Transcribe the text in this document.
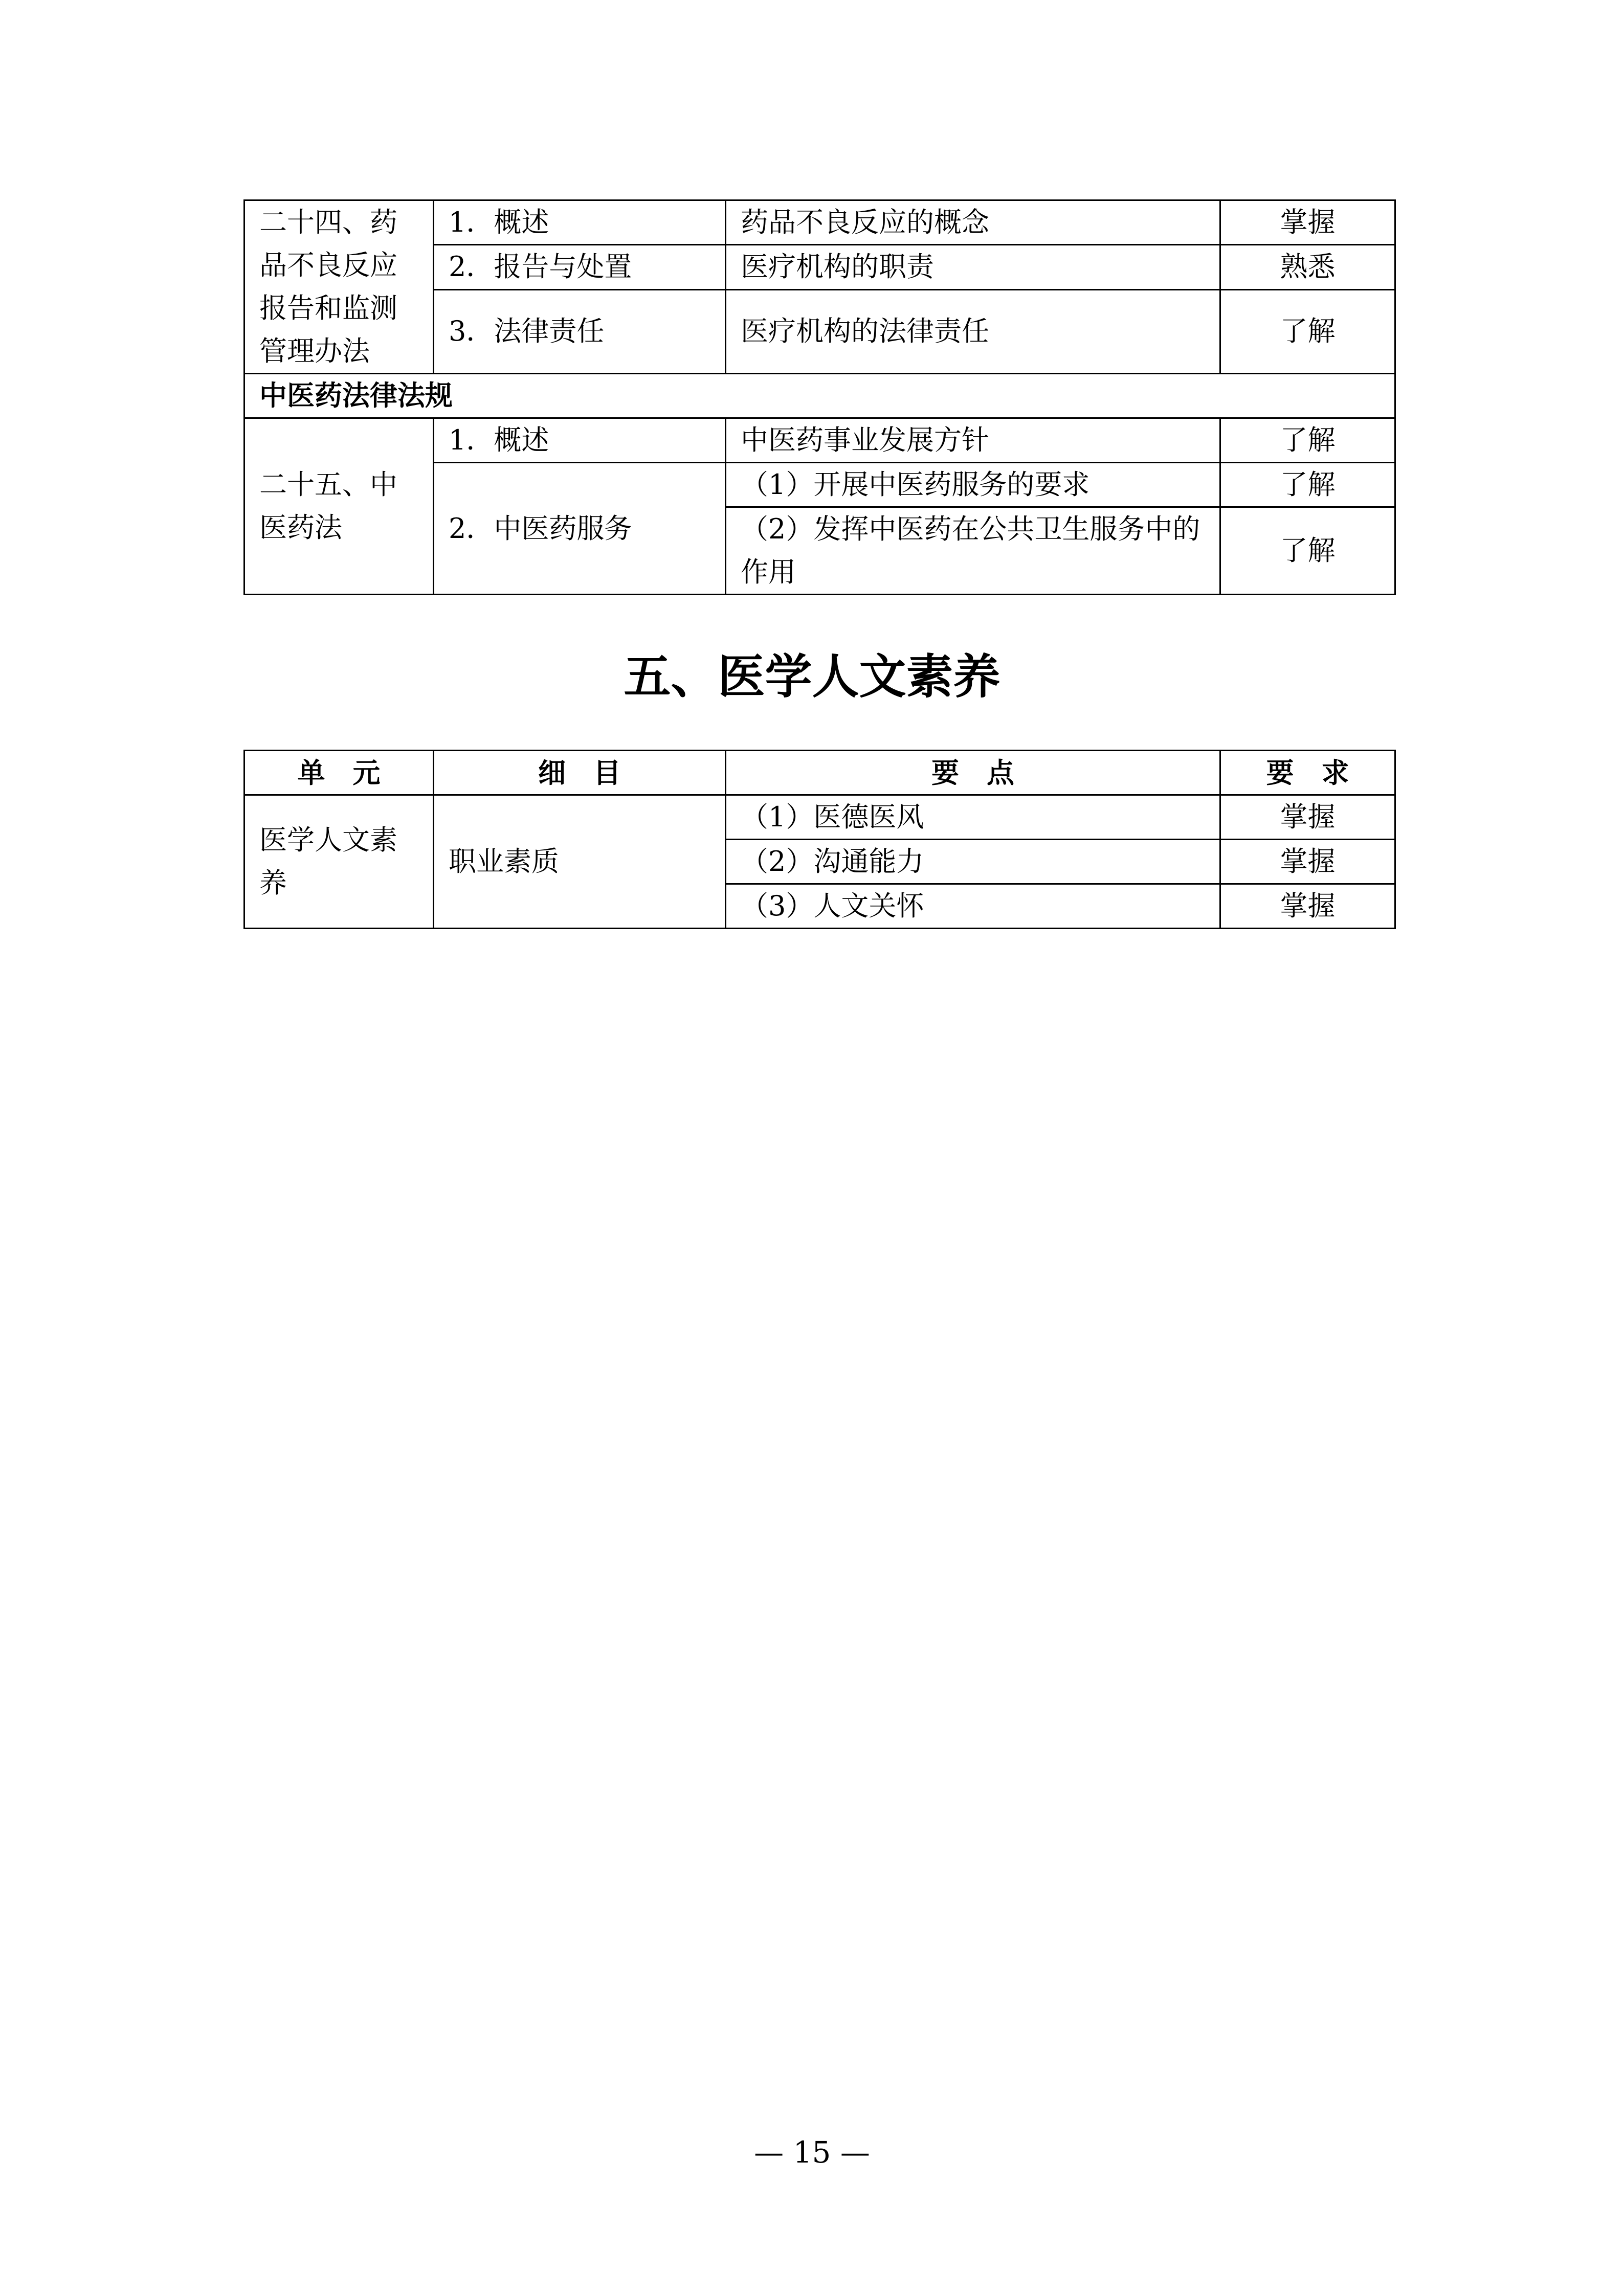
二十四、药品不良反应报告和监测管理办法	1．概述	药品不良反应的概念	掌握
	2．报告与处置	医疗机构的职责	熟悉
	3．法律责任	医疗机构的法律责任	了解
中医药法律法规			
二十五、中医药法	1．概述	中医药事业发展方针	了解
	2．中医药服务	（1）开展中医药服务的要求	了解
		（2）发挥中医药在公共卫生服务中的作用	了解
五、医学人文素养
单　元	细　目	要　点	要　求
医学人文素养	职业素质	（1）医德医风	掌握
		（2）沟通能力	掌握
		（3）人文关怀	掌握
— 15 —
